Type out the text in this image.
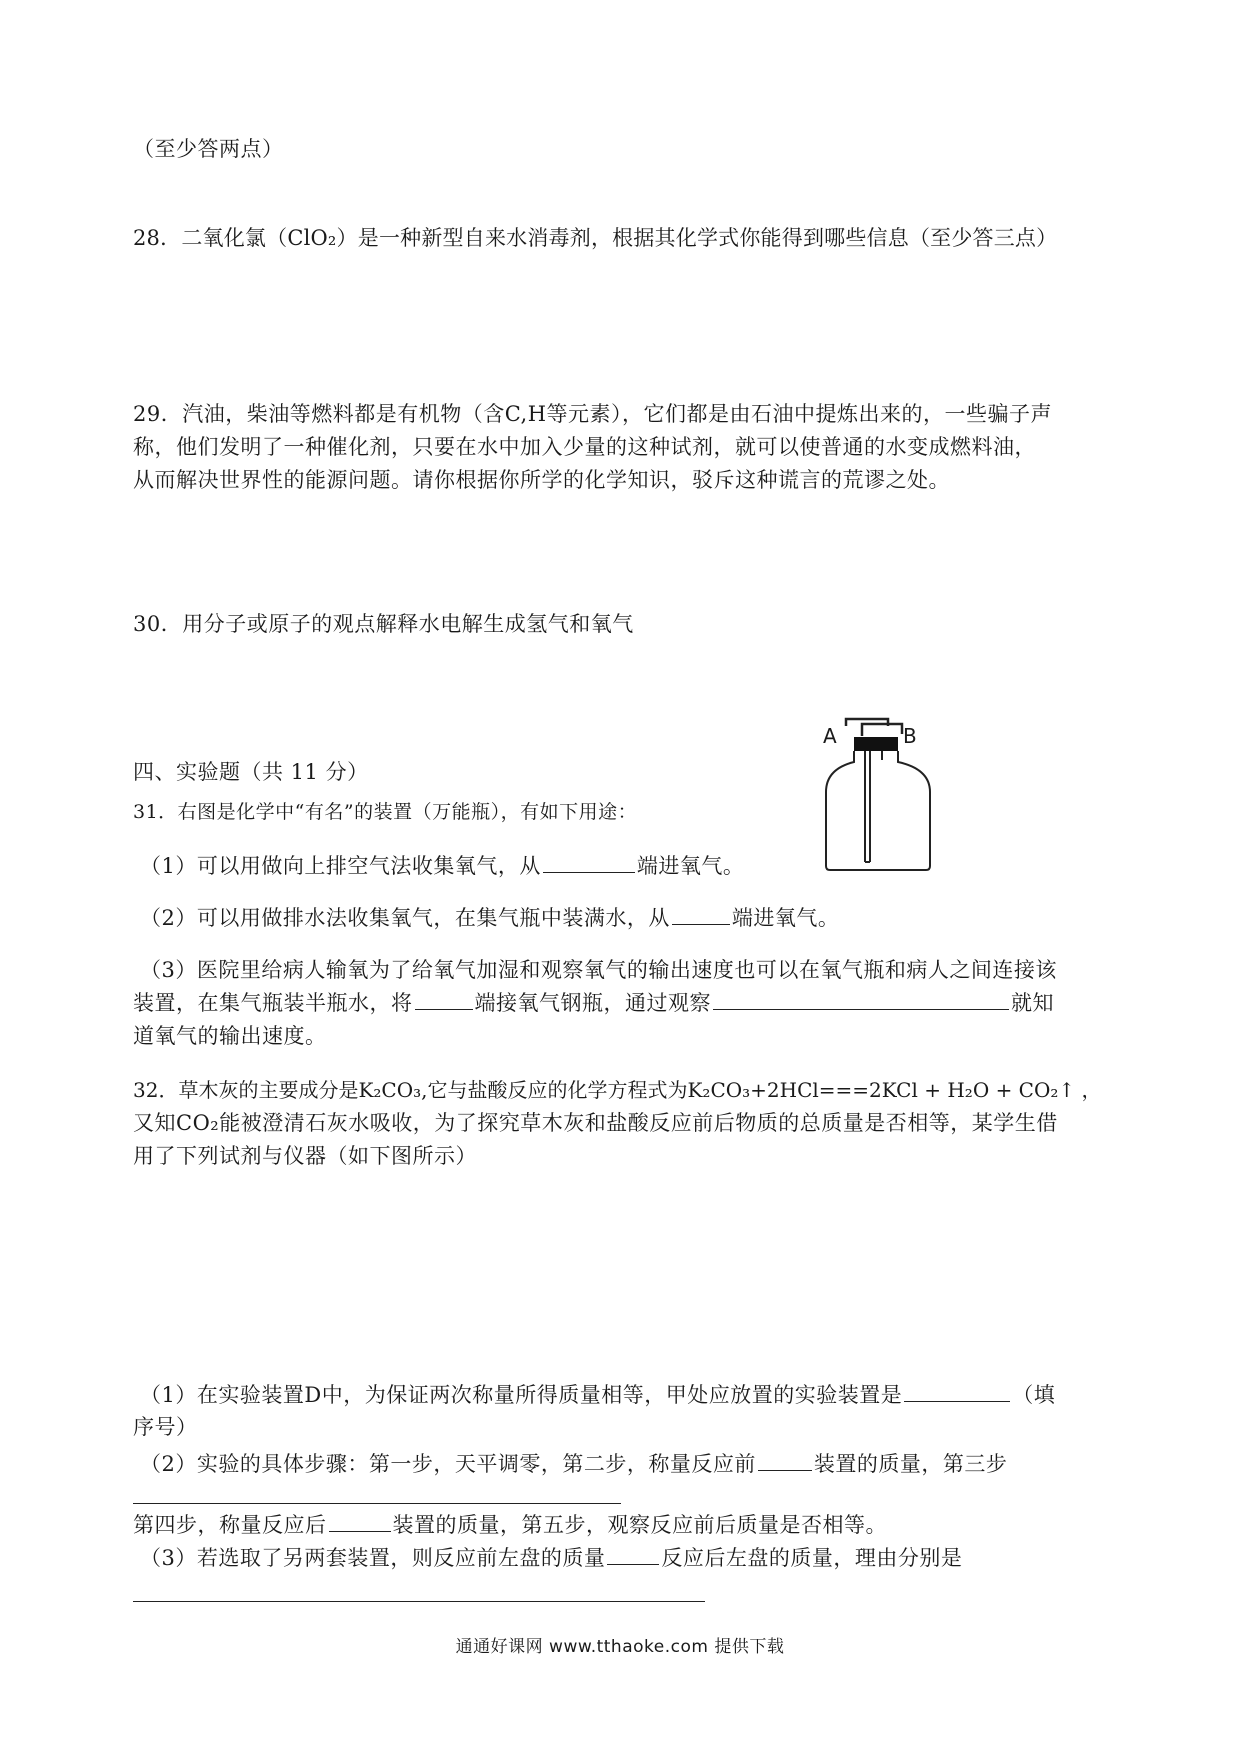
（至少答两点）
28．二氧化氯（ClO₂）是一种新型自来水消毒剂，根据其化学式你能得到哪些信息（至少答三点）
29．汽油，柴油等燃料都是有机物（含C,H等元素），它们都是由石油中提炼出来的，一些骗子声
称，他们发明了一种催化剂，只要在水中加入少量的这种试剂，就可以使普通的水变成燃料油，
从而解决世界性的能源问题。请你根据你所学的化学知识，驳斥这种谎言的荒谬之处。
30．用分子或原子的观点解释水电解生成氢气和氧气
四、实验题（共 11 分）
A	B
31．右图是化学中“有名”的装置（万能瓶），有如下用途：
（1）可以用做向上排空气法收集氧气，从	端进氧气。
（2）可以用做排水法收集氧气，在集气瓶中装满水，从	端进氧气。
（3）医院里给病人输氧为了给氧气加湿和观察氧气的输出速度也可以在氧气瓶和病人之间连接该
装置，在集气瓶装半瓶水，将	端接氧气钢瓶，通过观察	就知
道氧气的输出速度。
32．草木灰的主要成分是K₂CO₃,它与盐酸反应的化学方程式为K₂CO₃+2HCl===2KCl + H₂O + CO₂↑ ，
又知CO₂能被澄清石灰水吸收，为了探究草木灰和盐酸反应前后物质的总质量是否相等，某学生借
用了下列试剂与仪器（如下图所示）
（1）在实验装置D中，为保证两次称量所得质量相等，甲处应放置的实验装置是	（填
序号）
（2）实验的具体步骤：第一步，天平调零，第二步，称量反应前	装置的质量，第三步
第四步，称量反应后	装置的质量，第五步，观察反应前后质量是否相等。
（3）若选取了另两套装置，则反应前左盘的质量	反应后左盘的质量，理由分别是
通通好课网 www.tthaoke.com 提供下载
